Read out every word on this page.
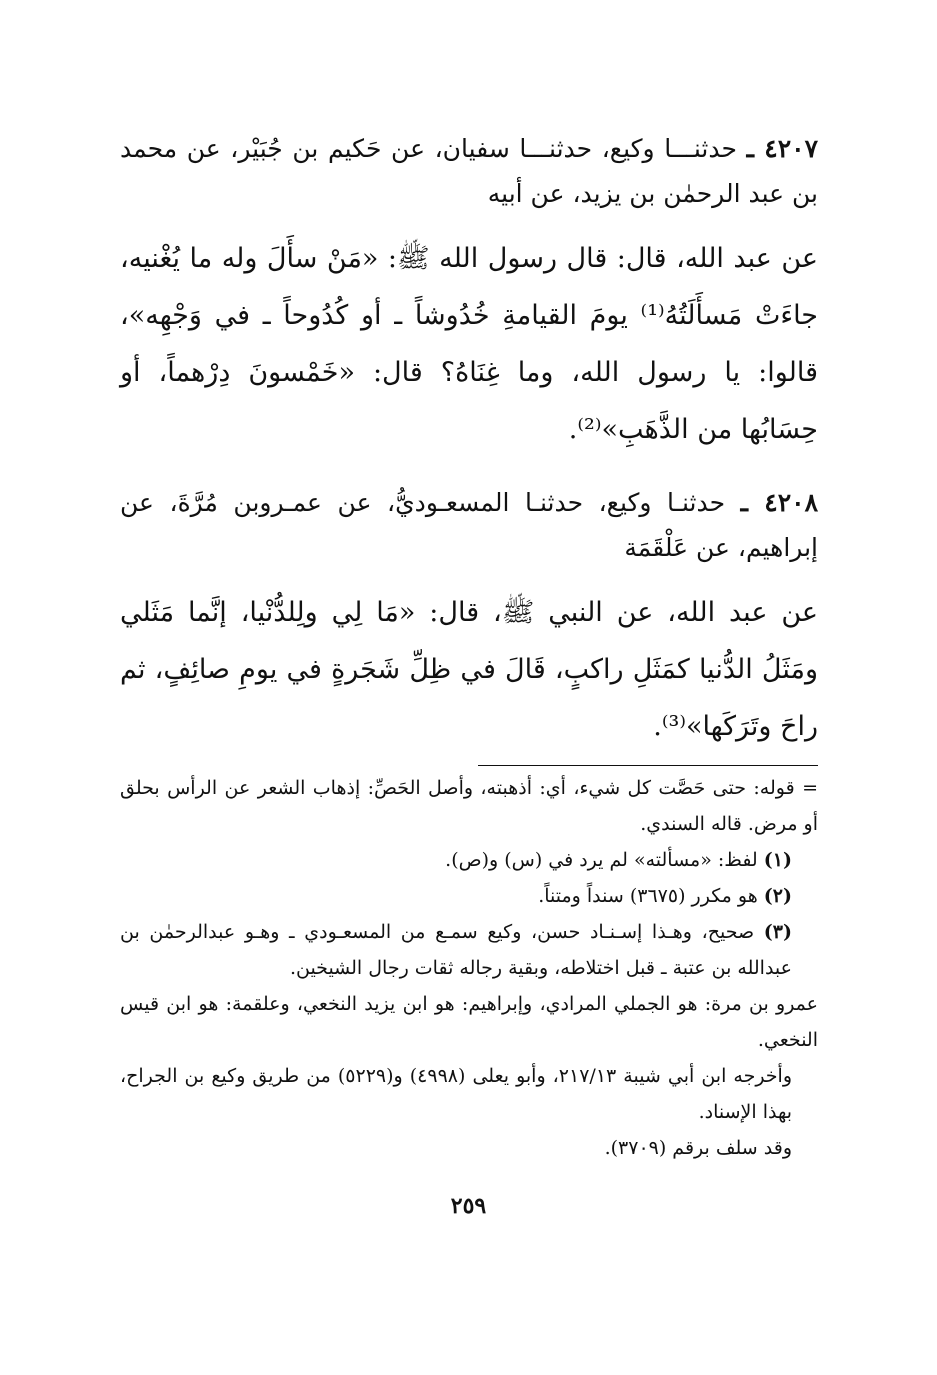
٤٢٠٧ ـ حدثنـــا وكيع، حدثنـــا سفيان، عن حَكيم بن جُبَيْر، عن محمد بن عبد الرحمٰن بن يزيد، عن أبيه

عن عبد الله، قال: قال رسول الله ﷺ: «مَنْ سأَلَ وله ما يُغْنيه، جاءَتْ مَسأَلَتُهُ⁽¹⁾ يومَ القيامةِ خُدُوشاً ـ أو كُدُوحاً ـ في وَجْهِه»، قالوا: يا رسول الله، وما غِنَاهُ؟ قال: «خَمْسونَ دِرْهماً، أو حِسَابُها من الذَّهَبِ»⁽²⁾.

٤٢٠٨ ـ حدثنـا وكيع، حدثنـا المسعـوديُّ، عن عمـروبن مُرَّةَ، عن إبراهيم، عن عَلْقَمَة

عن عبد الله، عن النبي ﷺ، قال: «مَا لِي ولِلدُّنْيا، إنَّما مَثَلي ومَثَلُ الدُّنيا كمَثَلِ راكبٍ، قَالَ في ظِلِّ شَجَرةٍ في يومِ صائِفٍ، ثم راحَ وتَرَكَها»⁽³⁾.

= قوله: حتى حَصَّت كل شيء، أي: أذهبته، وأصل الحَصِّ: إذهاب الشعر عن الرأس بحلق أو مرض. قاله السندي.

(١) لفظ: «مسألته» لم يرد في (س) و(ص).

(٢) هو مكرر (٣٦٧٥) سنداً ومتناً.

(٣) صحيح، وهـذا إسـنـاد حسن، وكيع سمـع من المسعـودي ـ وهـو عبدالرحمٰن بن عبدالله بن عتبة ـ قبل اختلاطه، وبقية رجاله ثقات رجال الشيخين.

عمرو بن مرة: هو الجملي المرادي، وإبراهيم: هو ابن يزيد النخعي، وعلقمة: هو ابن قيس النخعي.

وأخرجه ابن أبي شيبة ٢١٧/١٣، وأبو يعلى (٤٩٩٨) و(٥٢٢٩) من طريق وكيع بن الجراح، بهذا الإسناد.

وقد سلف برقم (٣٧٠٩).

٢٥٩
